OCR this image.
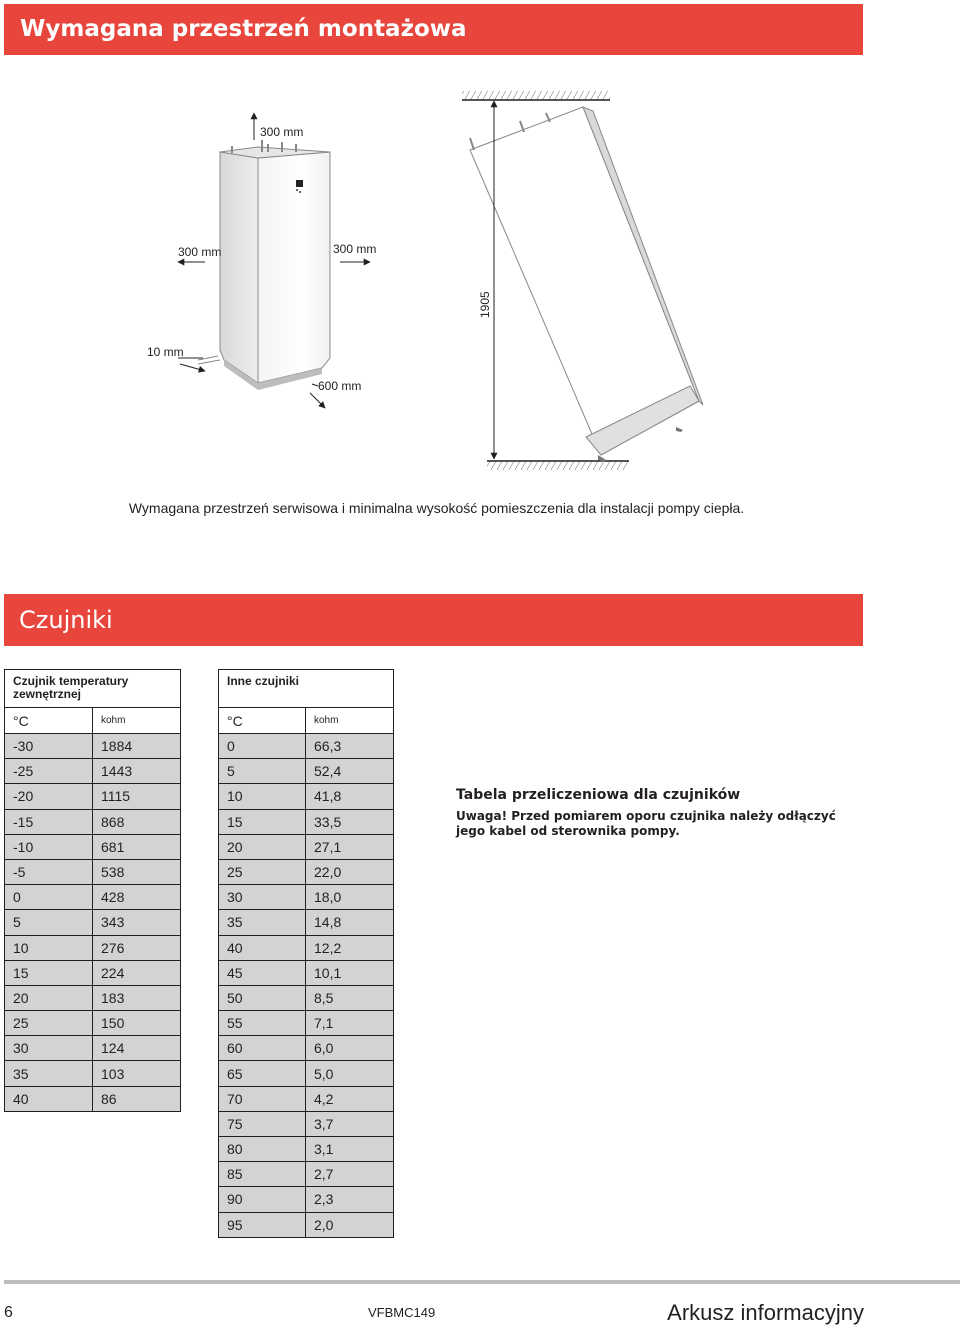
Wymagana przestrzeń montażowa
300 mm
300 mm	300 mm
10 mm
600 mm
1905
Wymagana przestrzeń serwisowa i minimalna wysokość pomieszczenia dla instalacji pompy ciepła.
Czujniki
Czujnik temperatury
zewnętrznej	
°C	kohm
-30	1884
-25	1443
-20	1115
-15	868
-10	681
-5	538
0	428
5	343
10	276
15	224
20	183
25	150
30	124
35	103
40	86
Inne czujniki	
°C	kohm
0	66,3
5	52,4
10	41,8
15	33,5
20	27,1
25	22,0
30	18,0
35	14,8
40	12,2
45	10,1
50	8,5
55	7,1
60	6,0
65	5,0
70	4,2
75	3,7
80	3,1
85	2,7
90	2,3
95	2,0
Tabela przeliczeniowa dla czujników
Uwaga! Przed pomiarem oporu czujnika należy odłączyć
jego kabel od sterownika pompy.
6	VFBMC149	Arkusz informacyjny
